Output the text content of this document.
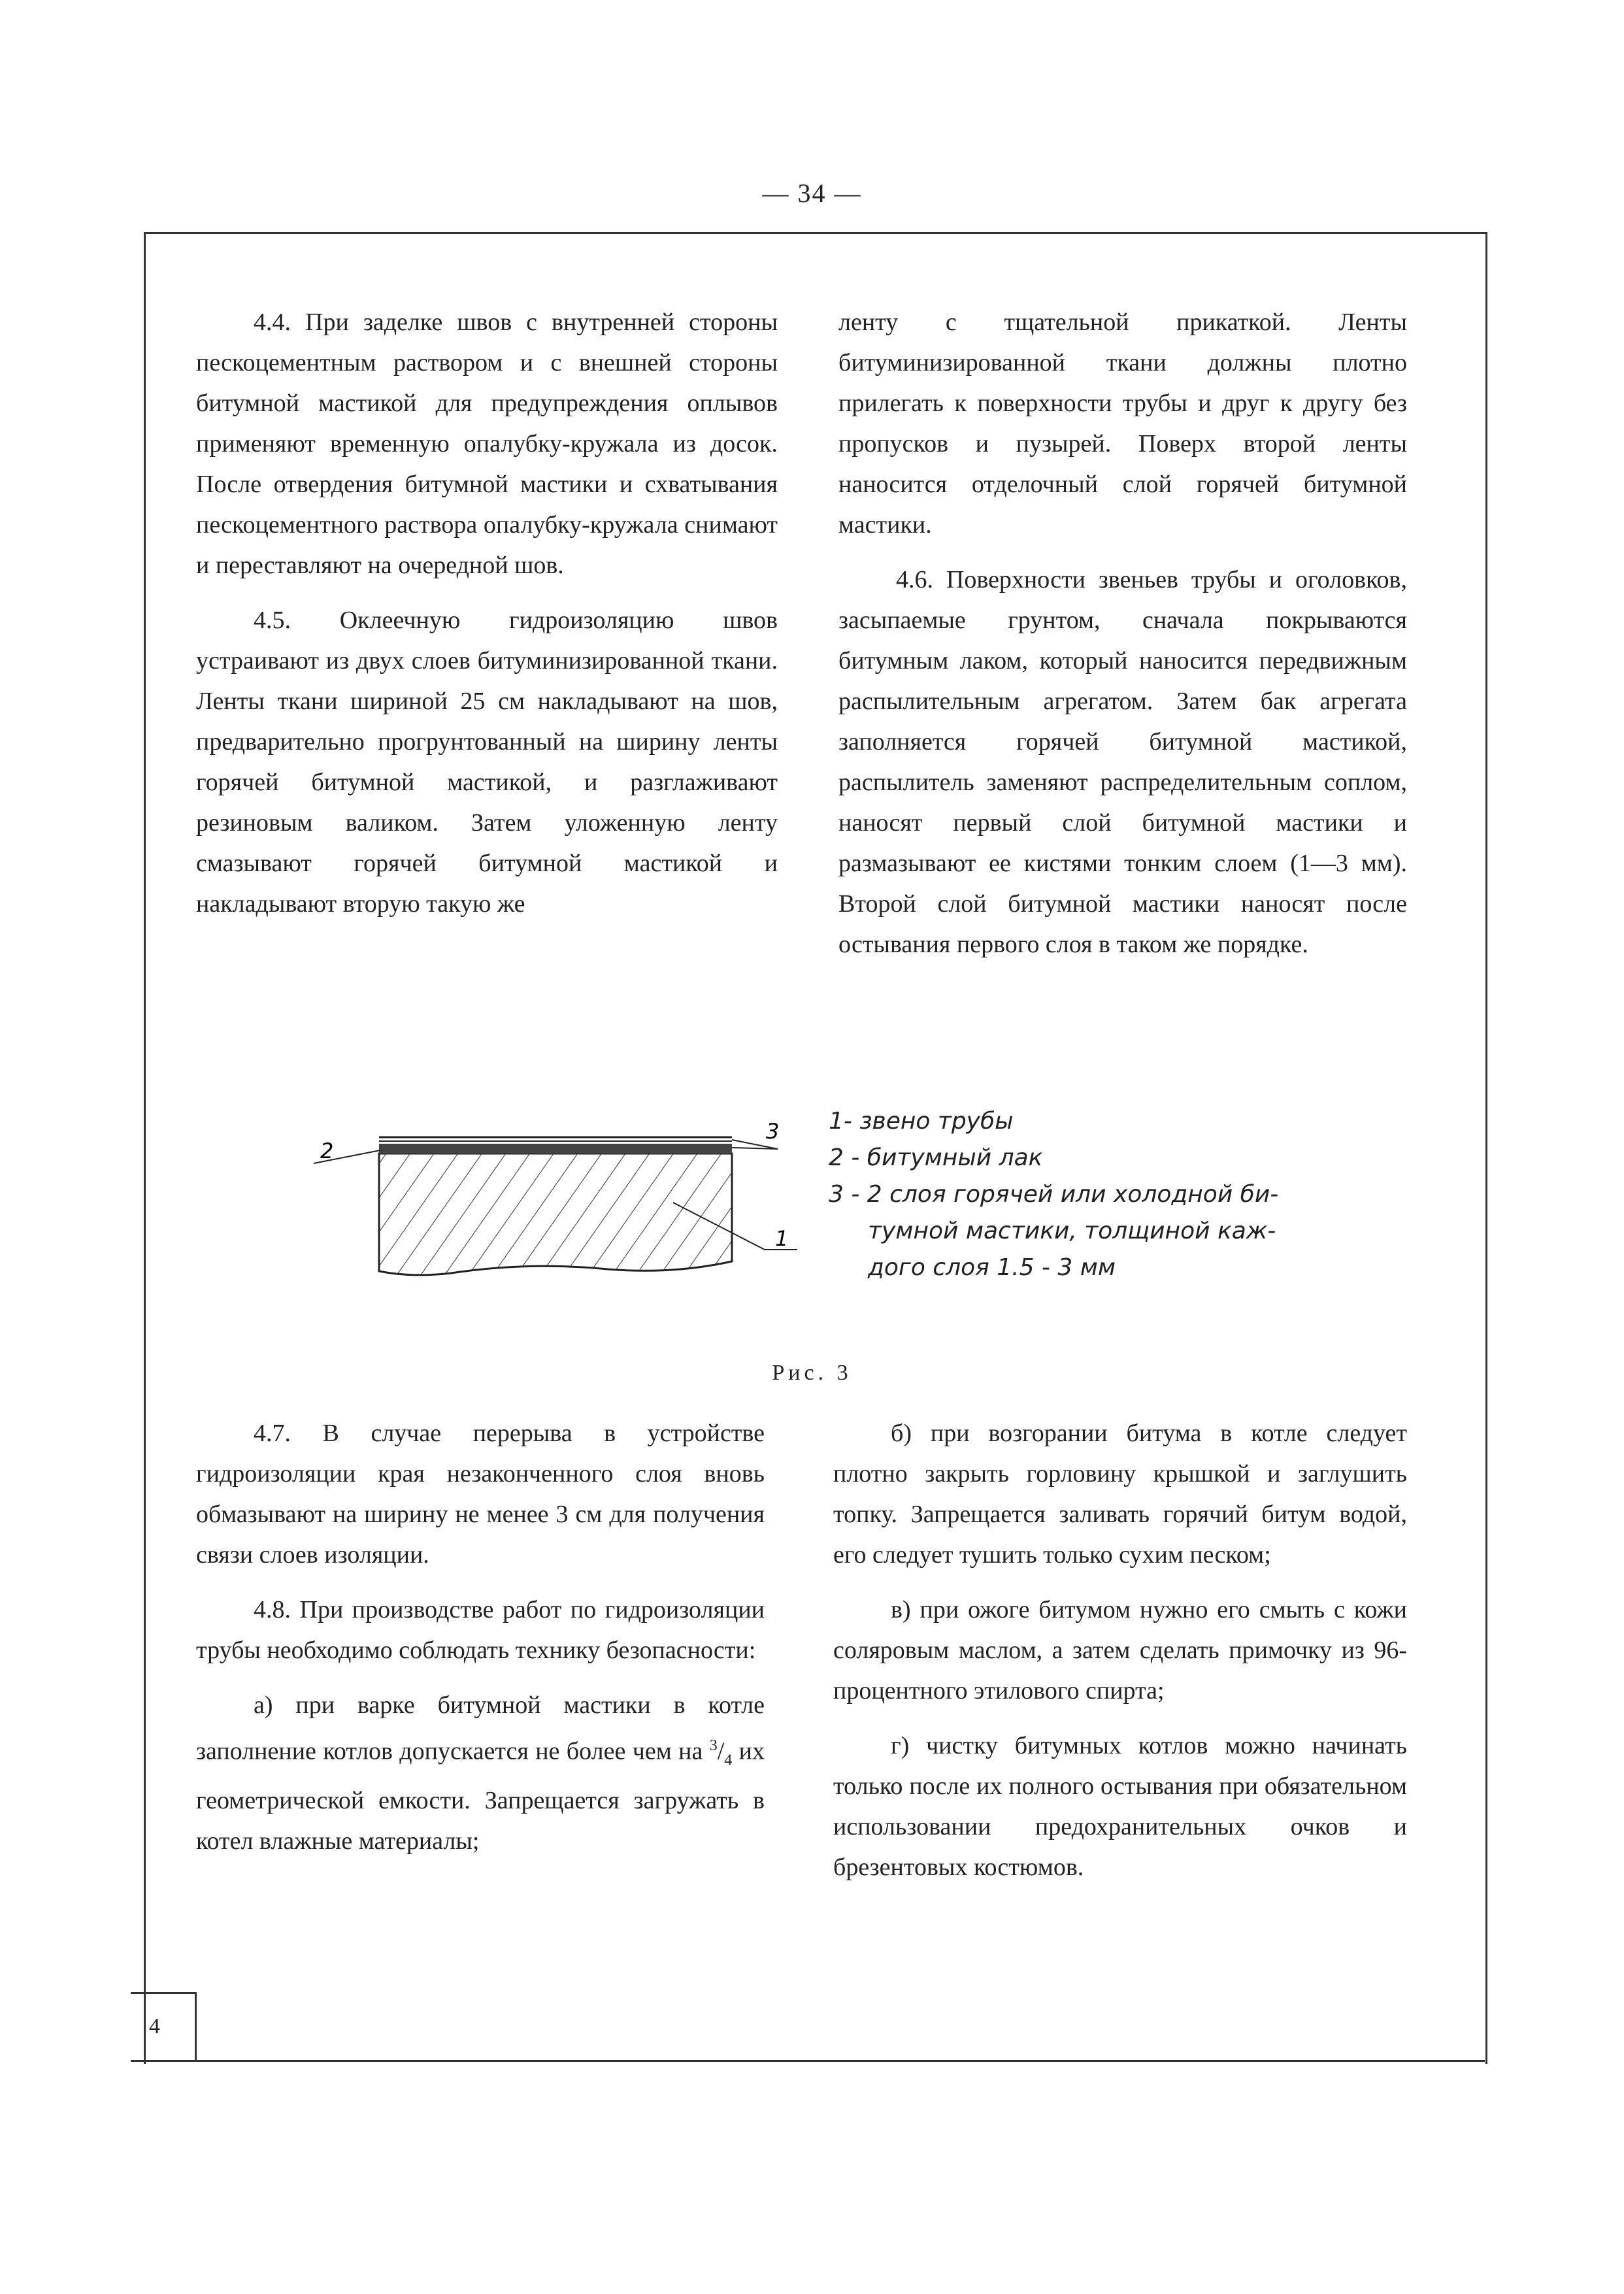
— 34 —
4

4.4. При заделке швов с внутренней стороны пескоцементным раствором и с внешней стороны битумной мастикой для предупреждения оплывов применяют временную опалубку-кружала из досок. После отвердения битумной мастики и схватывания пескоцементного раствора опалубку-кружала снимают и переставляют на очередной шов.

4.5. Оклеечную гидроизоляцию швов устраивают из двух слоев битуминизированной ткани. Ленты ткани шириной 25 см накладывают на шов, предварительно прогрунтованный на ширину ленты горячей битумной мастикой, и разглаживают резиновым валиком. Затем уложенную ленту смазывают горячей битумной мастикой и накладывают вторую такую же

ленту с тщательной прикаткой. Ленты битуминизированной ткани должны плотно прилегать к поверхности трубы и друг к другу без пропусков и пузырей. Поверх второй ленты наносится отделочный слой горячей битумной мастики.

4.6. Поверхности звеньев трубы и оголовков, засыпаемые грунтом, сначала покрываются битумным лаком, который наносится передвижным распылительным агрегатом. Затем бак агрегата заполняется горячей битумной мастикой, распылитель заменяют распределительным соплом, наносят первый слой битумной мастики и размазывают ее кистями тонким слоем (1—3 мм). Второй слой битумной мастики наносят после остывания первого слоя в таком же порядке.

2
3
1
1- звено трубы
2 - битумный лак
3 - 2 слоя горячей или холодной би-
тумной мастики, толщиной каж-
дого слоя 1.5 - 3 мм
Рис. 3

4.7. В случае перерыва в устройстве гидроизоляции края незаконченного слоя вновь обмазывают на ширину не менее 3 см для получения связи слоев изоляции.

4.8. При производстве работ по гидроизоляции трубы необходимо соблюдать технику безопасности:

а) при варке битумной мастики в котле заполнение котлов допускается не более чем на $^3/_4$ их геометрической емкости. Запрещается загружать в котел влажные материалы;

б) при возгорании битума в котле следует плотно закрыть горловину крышкой и заглушить топку. Запрещается заливать горячий битум водой, его следует тушить только сухим песком;

в) при ожоге битумом нужно его смыть с кожи соляровым маслом, а затем сделать примочку из 96-процентного этилового спирта;

г) чистку битумных котлов можно начинать только после их полного остывания при обязательном использовании предохранительных очков и брезентовых костюмов.
